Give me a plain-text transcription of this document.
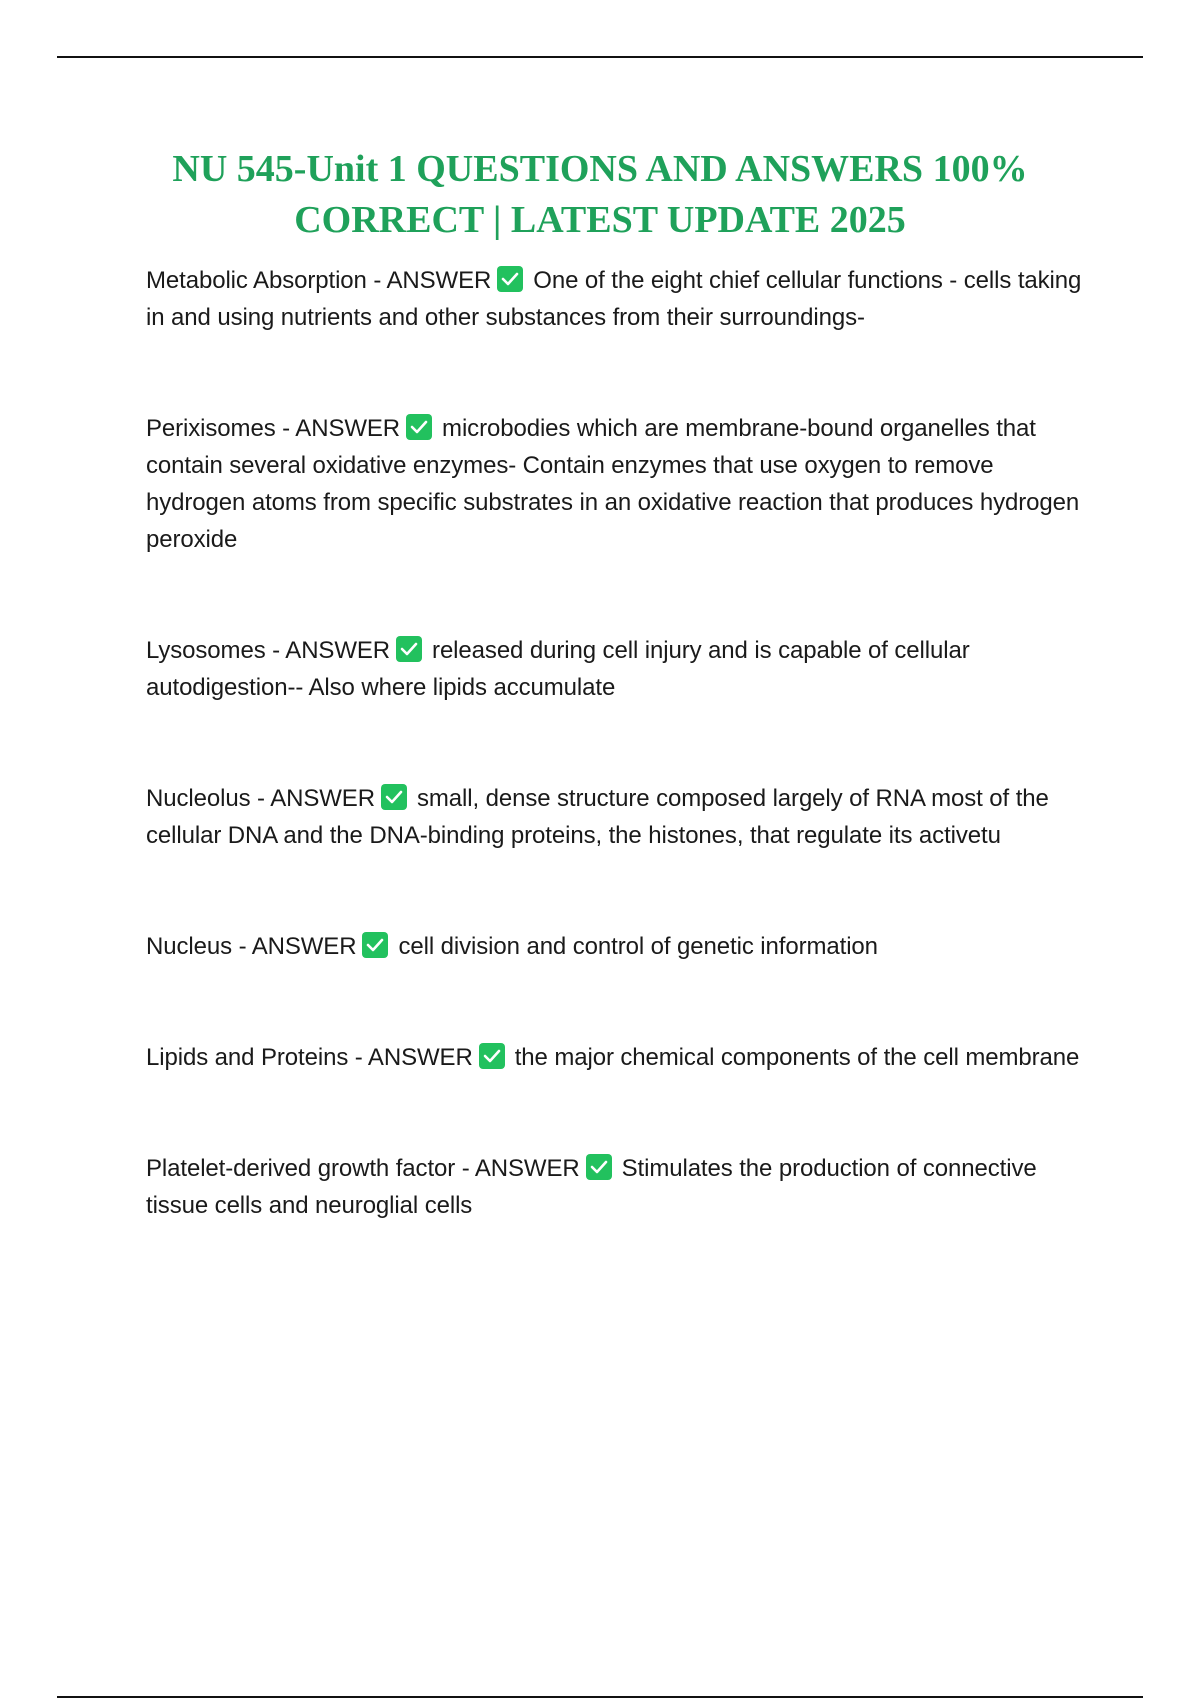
NU 545-Unit 1 QUESTIONS AND ANSWERS 100% CORRECT | LATEST UPDATE 2025

Metabolic Absorption - ANSWER One of the eight chief cellular functions - cells taking in and using nutrients and other substances from their surroundings-

Perixisomes - ANSWER microbodies which are membrane-bound organelles that contain several oxidative enzymes- Contain enzymes that use oxygen to remove hydrogen atoms from specific substrates in an oxidative reaction that produces hydrogen peroxide

Lysosomes - ANSWER released during cell injury and is capable of cellular autodigestion-- Also where lipids accumulate

Nucleolus - ANSWER small, dense structure composed largely of RNA most of the cellular DNA and the DNA-binding proteins, the histones, that regulate its activetu

Nucleus - ANSWER cell division and control of genetic information

Lipids and Proteins - ANSWER the major chemical components of the cell membrane

Platelet-derived growth factor - ANSWER Stimulates the production of connective tissue cells and neuroglial cells
